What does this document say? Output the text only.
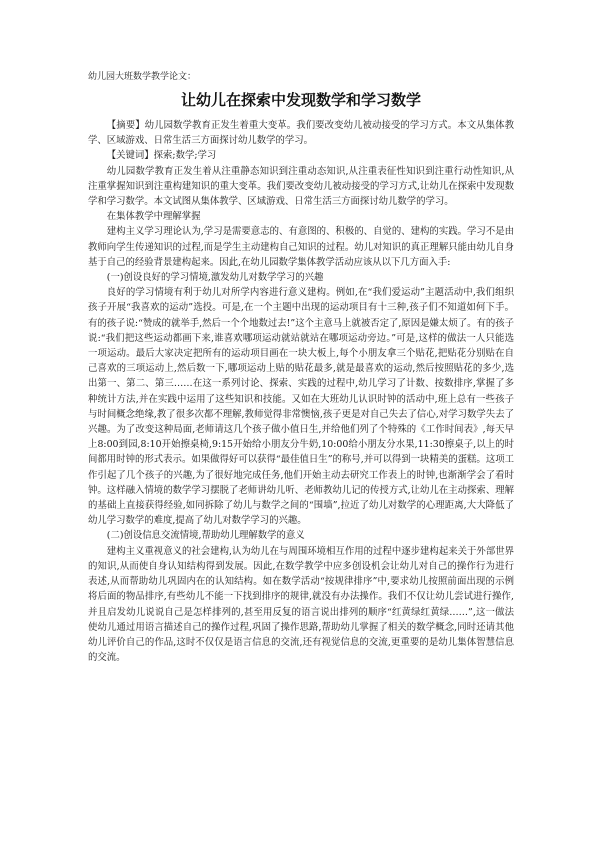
幼儿园大班数学教学论文：
让幼儿在探索中发现数学和学习数学

【摘要】幼儿园数学教育正发生着重大变革。我们要改变幼儿被动接受的学习方式。本文从集体教学、区域游戏、日常生活三方面探讨幼儿数学的学习。

【关键词】探索;数学;学习

幼儿园数学教育正发生着从注重静态知识到注重动态知识,从注重表征性知识到注重行动性知识,从注重掌握知识到注重构建知识的重大变革。我们要改变幼儿被动接受的学习方式,让幼儿在探索中发现数学和学习数学。本文试图从集体教学、区域游戏、日常生活三方面探讨幼儿数学的学习。

在集体教学中理解掌握

建构主义学习理论认为,学习是需要意志的、有意图的、积极的、自觉的、建构的实践。学习不是由教师向学生传递知识的过程,而是学生主动建构自己知识的过程。幼儿对知识的真正理解只能由幼儿自身基于自己的经验背景建构起来。因此,在幼儿园数学集体教学活动应该从以下几方面入手:

(一)创设良好的学习情境,激发幼儿对数学学习的兴趣

良好的学习情境有利于幼儿对所学内容进行意义建构。例如,在“我们爱运动”主题活动中,我们组织孩子开展“我喜欢的运动”选投。可是,在一个主题中出现的运动项目有十三种,孩子们不知道如何下手。有的孩子说:“赞成的就举手,然后一个个地数过去!”这个主意马上就被否定了,原因是嫌太烦了。有的孩子说:“我们把这些运动都画下来,谁喜欢哪项运动就站就站在哪项运动旁边。”可是,这样的做法一人只能选一项运动。最后大家决定把所有的运动项目画在一块大板上,每个小朋友拿三个贴花,把贴花分别贴在自己喜欢的三项运动上,然后数一下,哪项运动上贴的贴花最多,就是最喜欢的运动,然后按照贴花的多少,选出第一、第二、第三……在这一系列讨论、探索、实践的过程中,幼儿学习了计数、按数排序,掌握了多种统计方法,并在实践中运用了这些知识和技能。又如在大班幼儿认识时钟的活动中,班上总有一些孩子与时间概念绝缘,教了很多次都不理解,教师觉得非常懊恼,孩子更是对自己失去了信心,对学习数学失去了兴趣。为了改变这种局面,老师请这几个孩子做小值日生,并给他们列了个特殊的《工作时间表》,每天早上8:00到园,8:10开始擦桌椅,9:15开始给小朋友分牛奶,10:00给小朋友分水果,11:30擦桌子,以上的时间都用时钟的形式表示。如果做得好可以获得“最佳值日生”的称号,并可以得到一块精美的蛋糕。这项工作引起了几个孩子的兴趣,为了很好地完成任务,他们开始主动去研究工作表上的时钟,也渐渐学会了看时钟。这样融入情境的数学学习摆脱了老师讲幼儿听、老师教幼儿记的传授方式,让幼儿在主动探索、理解的基础上直接获得经验,如同拆除了幼儿与数学之间的“围墙”,拉近了幼儿对数学的心理距离,大大降低了幼儿学习数学的难度,提高了幼儿对数学学习的兴趣。

(二)创设信息交流情境,帮助幼儿理解数学的意义

建构主义重视意义的社会建构,认为幼儿在与周围环境相互作用的过程中逐步建构起来关于外部世界的知识,从而使自身认知结构得到发展。因此,在数学教学中应多创设机会让幼儿对自己的操作行为进行表述,从而帮助幼儿巩固内在的认知结构。如在数学活动“按规律排序”中,要求幼儿按照前面出现的示例将后面的物品排序,有些幼儿不能一下找到排序的规律,就没有办法操作。我们不仅让幼儿尝试进行操作,并且启发幼儿说说自己是怎样排列的,甚至用反复的语言说出排列的顺序“红黄绿红黄绿……”,这一做法使幼儿通过用语言描述自己的操作过程,巩固了操作思路,帮助幼儿掌握了相关的数学概念,同时还请其他幼儿评价自己的作品,这时不仅仅是语言信息的交流,还有视觉信息的交流,更重要的是幼儿集体智慧信息的交流。
